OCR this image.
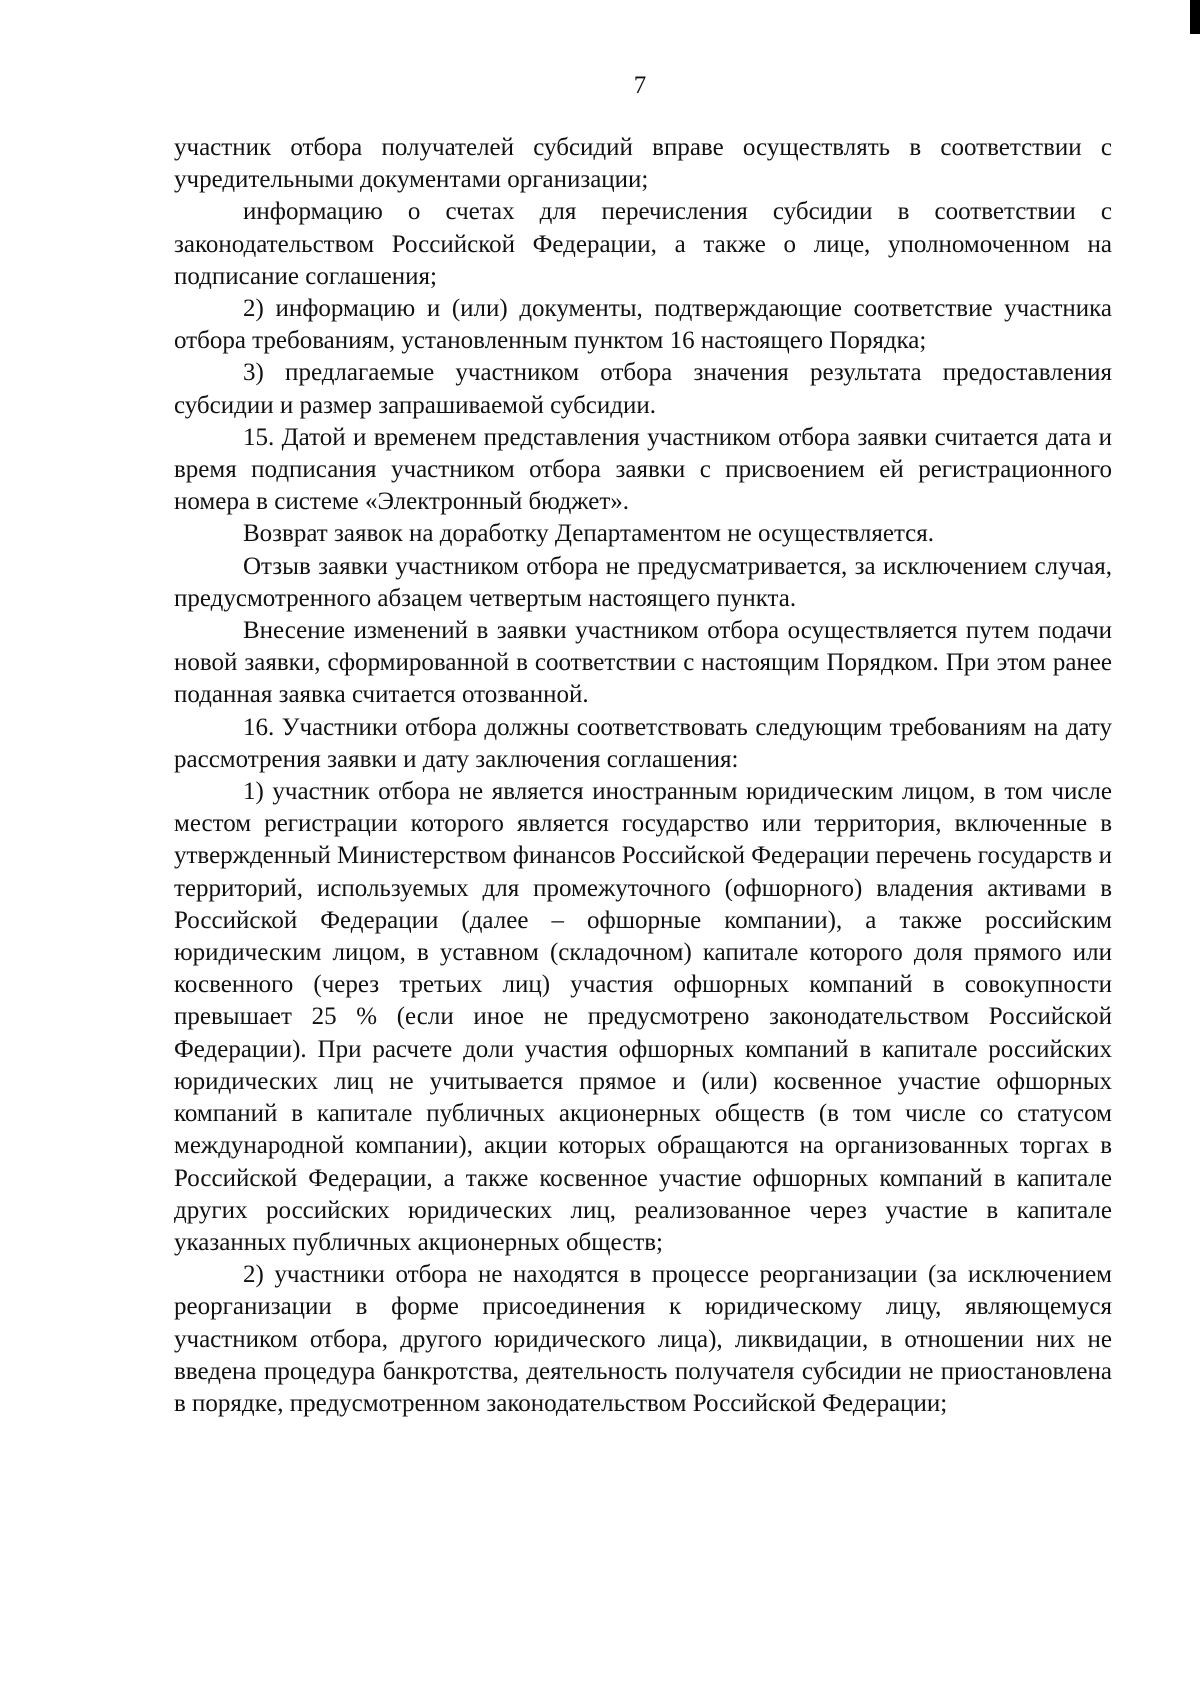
7

участник отбора получателей субсидий вправе осуществлять в соответствии с учредительными документами организации;

информацию о счетах для перечисления субсидии в соответствии с законодательством Российской Федерации, а также о лице, уполномоченном на подписание соглашения;

2) информацию и (или) документы, подтверждающие соответствие участника отбора требованиям, установленным пунктом 16 настоящего Порядка;

3) предлагаемые участником отбора значения результата предоставления субсидии и размер запрашиваемой субсидии.

15. Датой и временем представления участником отбора заявки считается дата и время подписания участником отбора заявки с присвоением ей регистрационного номера в системе «Электронный бюджет».

Возврат заявок на доработку Департаментом не осуществляется.

Отзыв заявки участником отбора не предусматривается, за исключением случая, предусмотренного абзацем четвертым настоящего пункта.

Внесение изменений в заявки участником отбора осуществляется путем подачи новой заявки, сформированной в соответствии с настоящим Порядком. При этом ранее поданная заявка считается отозванной.

16. Участники отбора должны соответствовать следующим требованиям на дату рассмотрения заявки и дату заключения соглашения:

1) участник отбора не является иностранным юридическим лицом, в том числе местом регистрации которого является государство или территория, включенные в утвержденный Министерством финансов Российской Федерации перечень государств и территорий, используемых для промежуточного (офшорного) владения активами в Российской Федерации (далее – офшорные компании), а также российским юридическим лицом, в уставном (складочном) капитале которого доля прямого или косвенного (через третьих лиц) участия офшорных компаний в совокупности превышает 25 % (если иное не предусмотрено законодательством Российской Федерации). При расчете доли участия офшорных компаний в капитале российских юридических лиц не учитывается прямое и (или) косвенное участие офшорных компаний в капитале публичных акционерных обществ (в том числе со статусом международной компании), акции которых обращаются на организованных торгах в Российской Федерации, а также косвенное участие офшорных компаний в капитале других российских юридических лиц, реализованное через участие в капитале указанных публичных акционерных обществ;

2) участники отбора не находятся в процессе реорганизации (за исключением реорганизации в форме присоединения к юридическому лицу, являющемуся участником отбора, другого юридического лица), ликвидации, в отношении них не введена процедура банкротства, деятельность получателя субсидии не приостановлена в порядке, предусмотренном законодательством Российской Федерации;
